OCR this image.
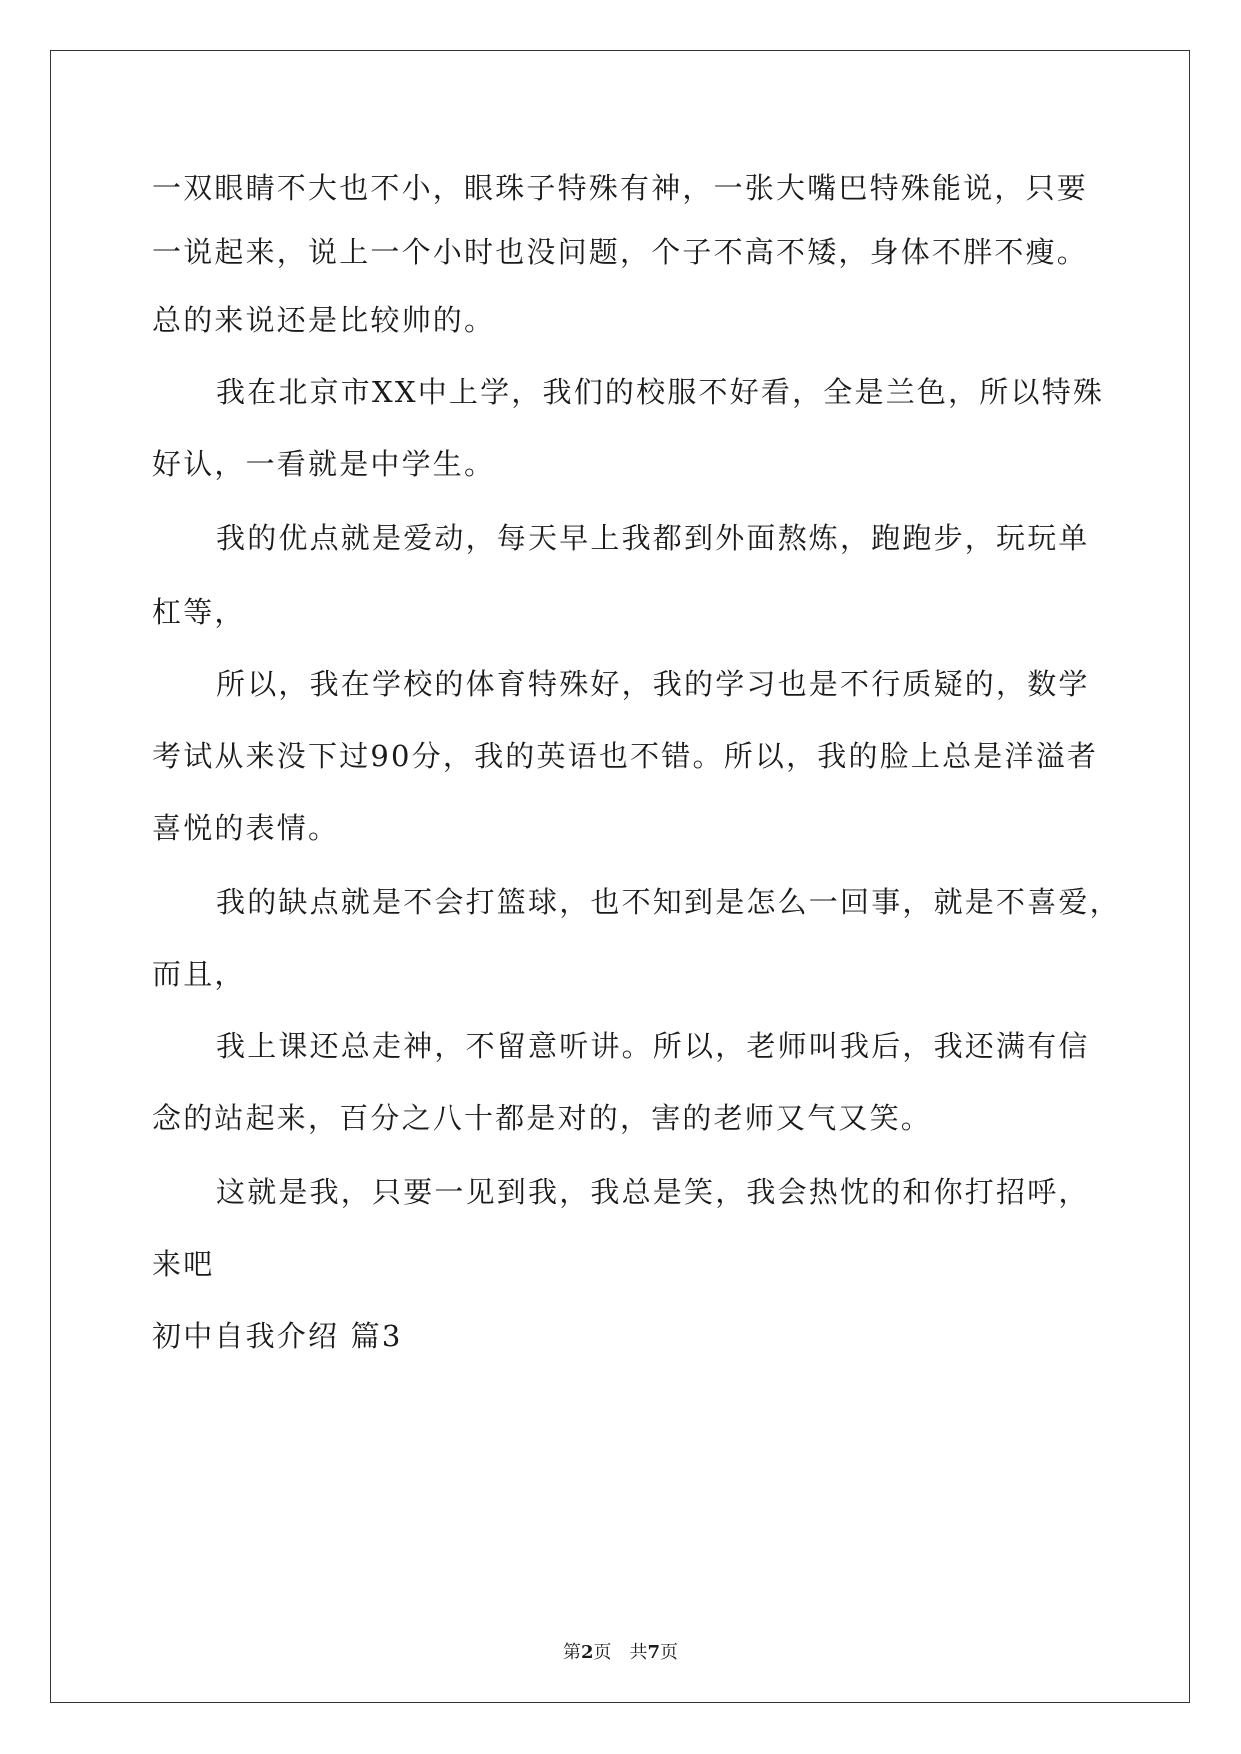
一双眼睛不大也不小，眼珠子特殊有神，一张大嘴巴特殊能说，只要
一说起来，说上一个小时也没问题，个子不高不矮，身体不胖不瘦。
总的来说还是比较帅的。
我在北京市XX中上学，我们的校服不好看，全是兰色，所以特殊
好认，一看就是中学生。
我的优点就是爱动，每天早上我都到外面熬炼，跑跑步，玩玩单
杠等，
所以，我在学校的体育特殊好，我的学习也是不行质疑的，数学
考试从来没下过90分，我的英语也不错。所以，我的脸上总是洋溢者
喜悦的表情。
我的缺点就是不会打篮球，也不知到是怎么一回事，就是不喜爱，
而且，
我上课还总走神，不留意听讲。所以，老师叫我后，我还满有信
念的站起来，百分之八十都是对的，害的老师又气又笑。
这就是我，只要一见到我，我总是笑，我会热忱的和你打招呼，
来吧
初中自我介绍 篇3
第2页 共7页
